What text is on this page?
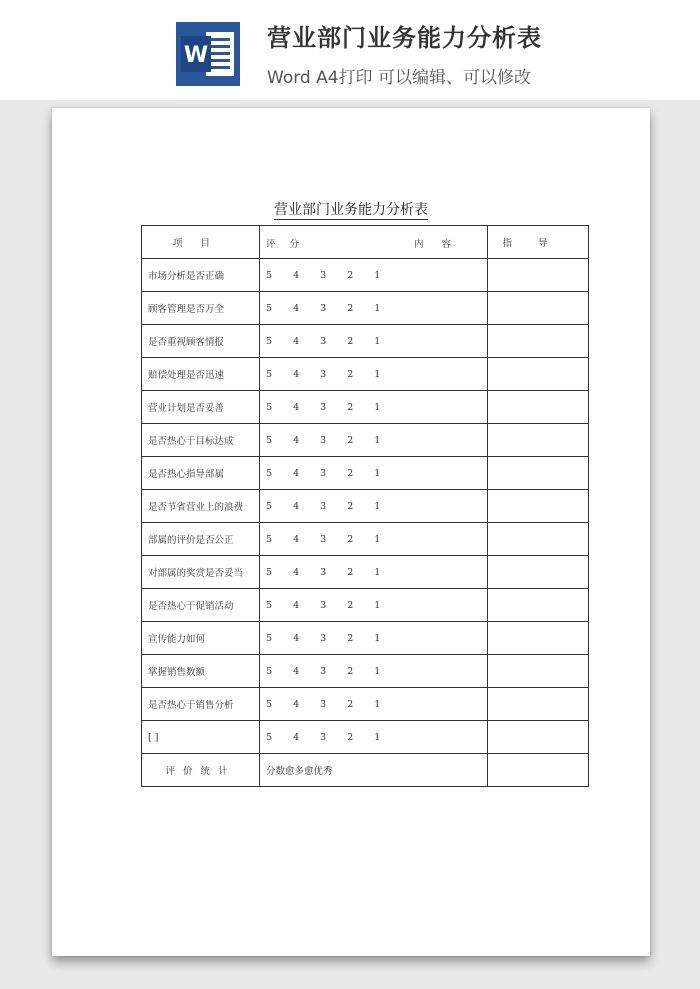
W
营业部门业务能力分析表
Word A4打印 可以编辑、可以修改
营业部门业务能力分析表
项目	评分 内容	指导
市场分析是否正确	5 4 3 2 1	
顾客管理是否万全	5 4 3 2 1	
是否重视顾客情报	5 4 3 2 1	
赔偿处理是否迅速	5 4 3 2 1	
营业计划是否妥善	5 4 3 2 1	
是否热心于目标达成	5 4 3 2 1	
是否热心指导部属	5 4 3 2 1	
是否节省营业上的浪费	5 4 3 2 1	
部属的评价是否公正	5 4 3 2 1	
对部属的奖赏是否妥当	5 4 3 2 1	
是否热心于促销活动	5 4 3 2 1	
宣传能力如何	5 4 3 2 1	
掌握销售数额	5 4 3 2 1	
是否热心于销售分析	5 4 3 2 1	
[ ]	5 4 3 2 1	
评价统计	分数愈多愈优秀	
